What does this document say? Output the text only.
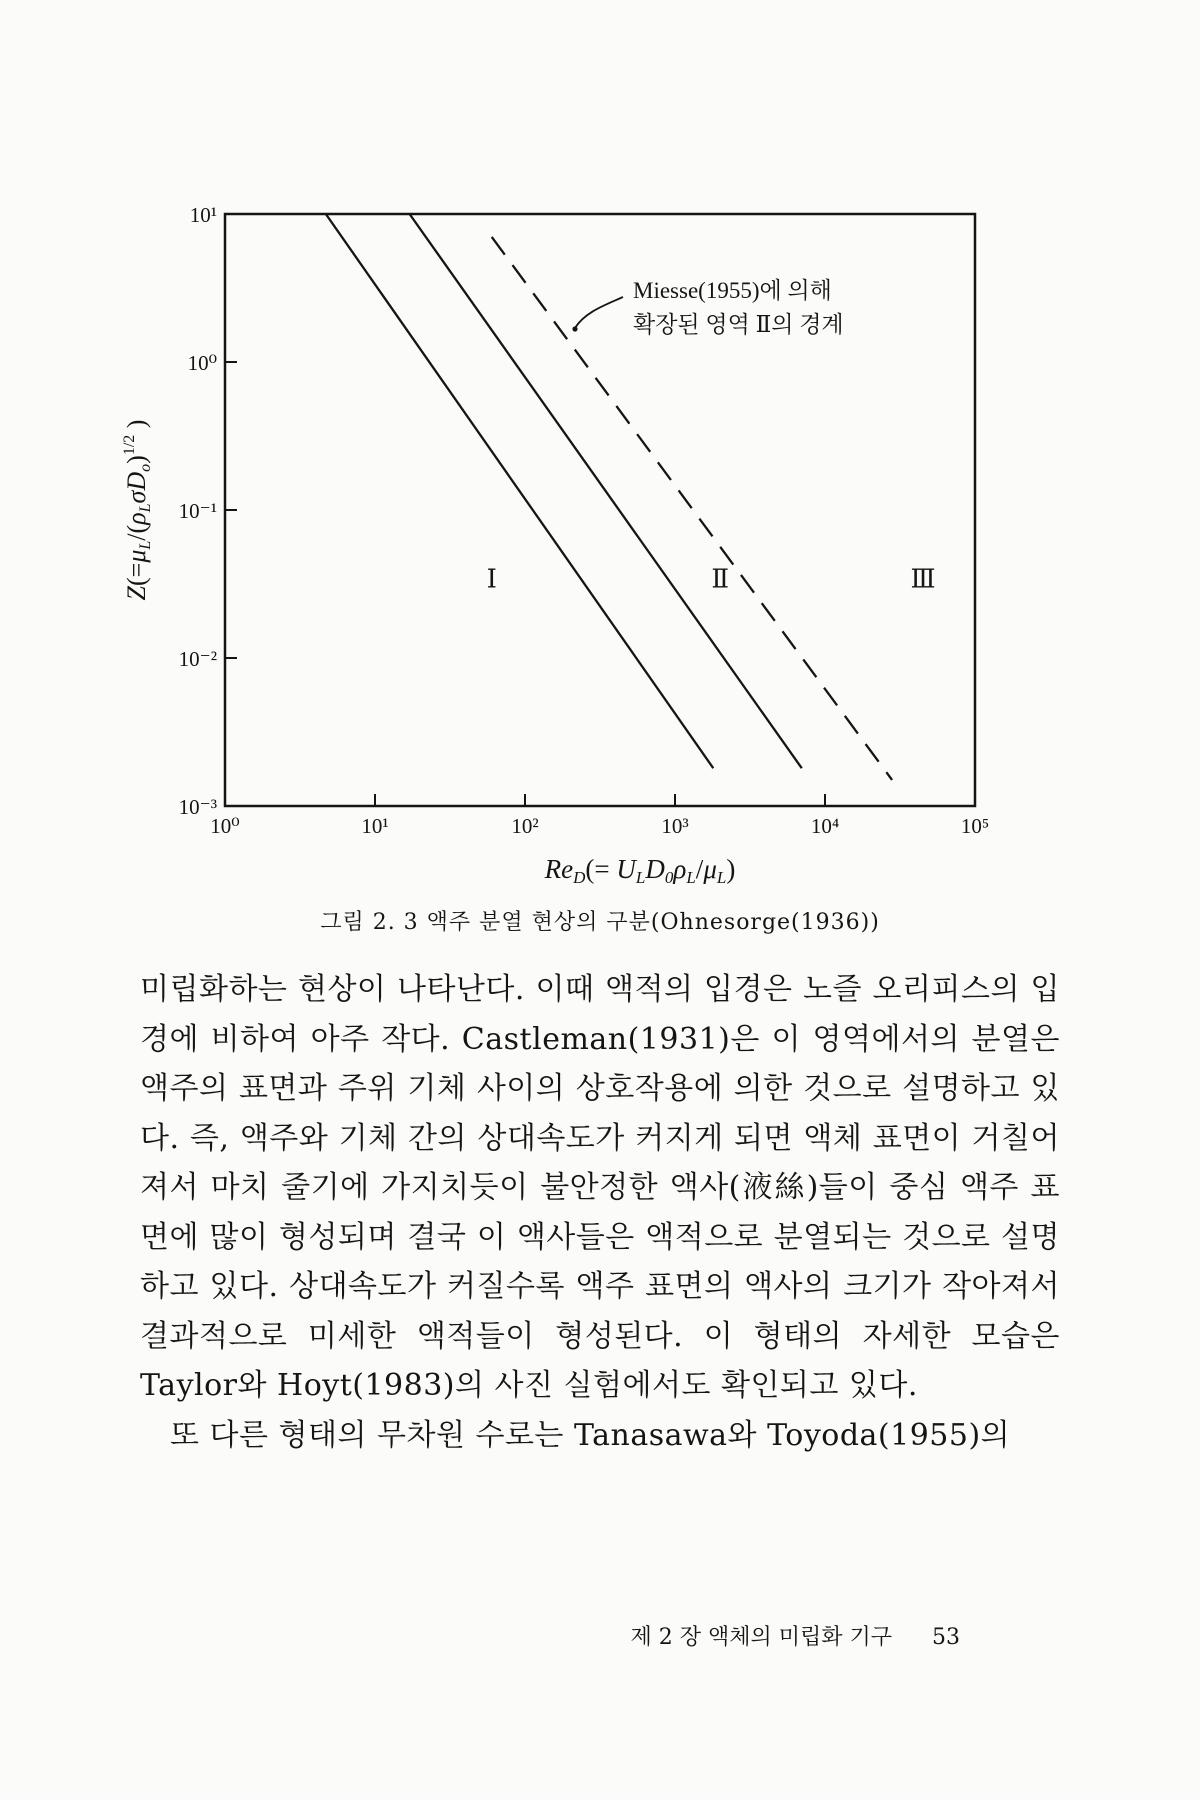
10⁰	10¹	10²	10³	10⁴	10⁵
10¹
10⁰
10⁻¹
10⁻²
10⁻³
Ⅰ	Ⅱ	Ⅲ
Miesse(1955)에 의해
확장된 영역 Ⅱ의 경계
$Z(=\mu L/(\rho L\sigma Do)^{1/2}$ )
ReD(= ULD0ρL/μL)
그림 2. 3 액주 분열 현상의 구분(Ohnesorge(1936))

미립화하는 현상이 나타난다. 이때 액적의 입경은 노즐 오리피스의 입경에 비하여 아주 작다. Castleman(1931)은 이 영역에서의 분열은 액주의 표면과 주위 기체 사이의 상호작용에 의한 것으로 설명하고 있다. 즉, 액주와 기체 간의 상대속도가 커지게 되면 액체 표면이 거칠어져서 마치 줄기에 가지치듯이 불안정한 액사(液絲)들이 중심 액주 표면에 많이 형성되며 결국 이 액사들은 액적으로 분열되는 것으로 설명하고 있다. 상대속도가 커질수록 액주 표면의 액사의 크기가 작아져서 결과적으로 미세한 액적들이 형성된다. 이 형태의 자세한 모습은 Taylor와 Hoyt(1983)의 사진 실험에서도 확인되고 있다.

또 다른 형태의 무차원 수로는 Tanasawa와 Toyoda(1955)의

제 2 장 액체의 미립화 기구 53
